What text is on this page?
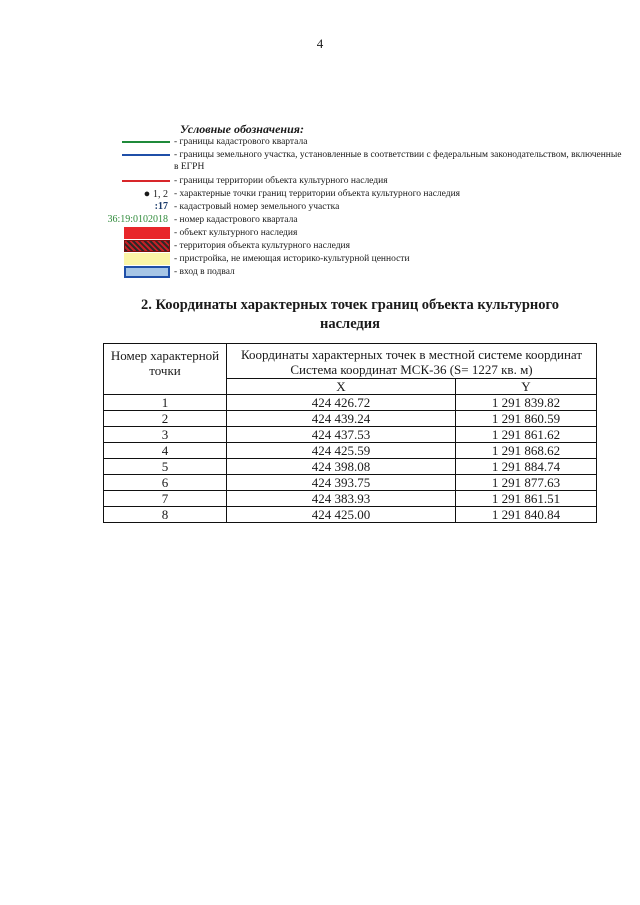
4
Условные обозначения:
- границы кадастрового квартала
- границы земельного участка, установленные в соответствии с федеральным законодательством, включенные в ЕГРН
- границы территории объекта культурного наследия
● 1, 2 - характерные точки границ территории объекта культурного наследия
:17 - кадастровый номер земельного участка
36:19:0102018 - номер кадастрового квартала
- объект культурного наследия
- территория объекта культурного наследия
- пристройка, не имеющая историко-культурной ценности
- вход в подвал
2. Координаты характерных точек границ объекта культурного наследия
Номер характерной точки	Координаты характерных точек в местной системе координат
Система координат МСК-36 (S= 1227 кв. м)	

	X	Y
1	424 426.72	1 291 839.82
2	424 439.24	1 291 860.59
3	424 437.53	1 291 861.62
4	424 425.59	1 291 868.62
5	424 398.08	1 291 884.74
6	424 393.75	1 291 877.63
7	424 383.93	1 291 861.51
8	424 425.00	1 291 840.84
